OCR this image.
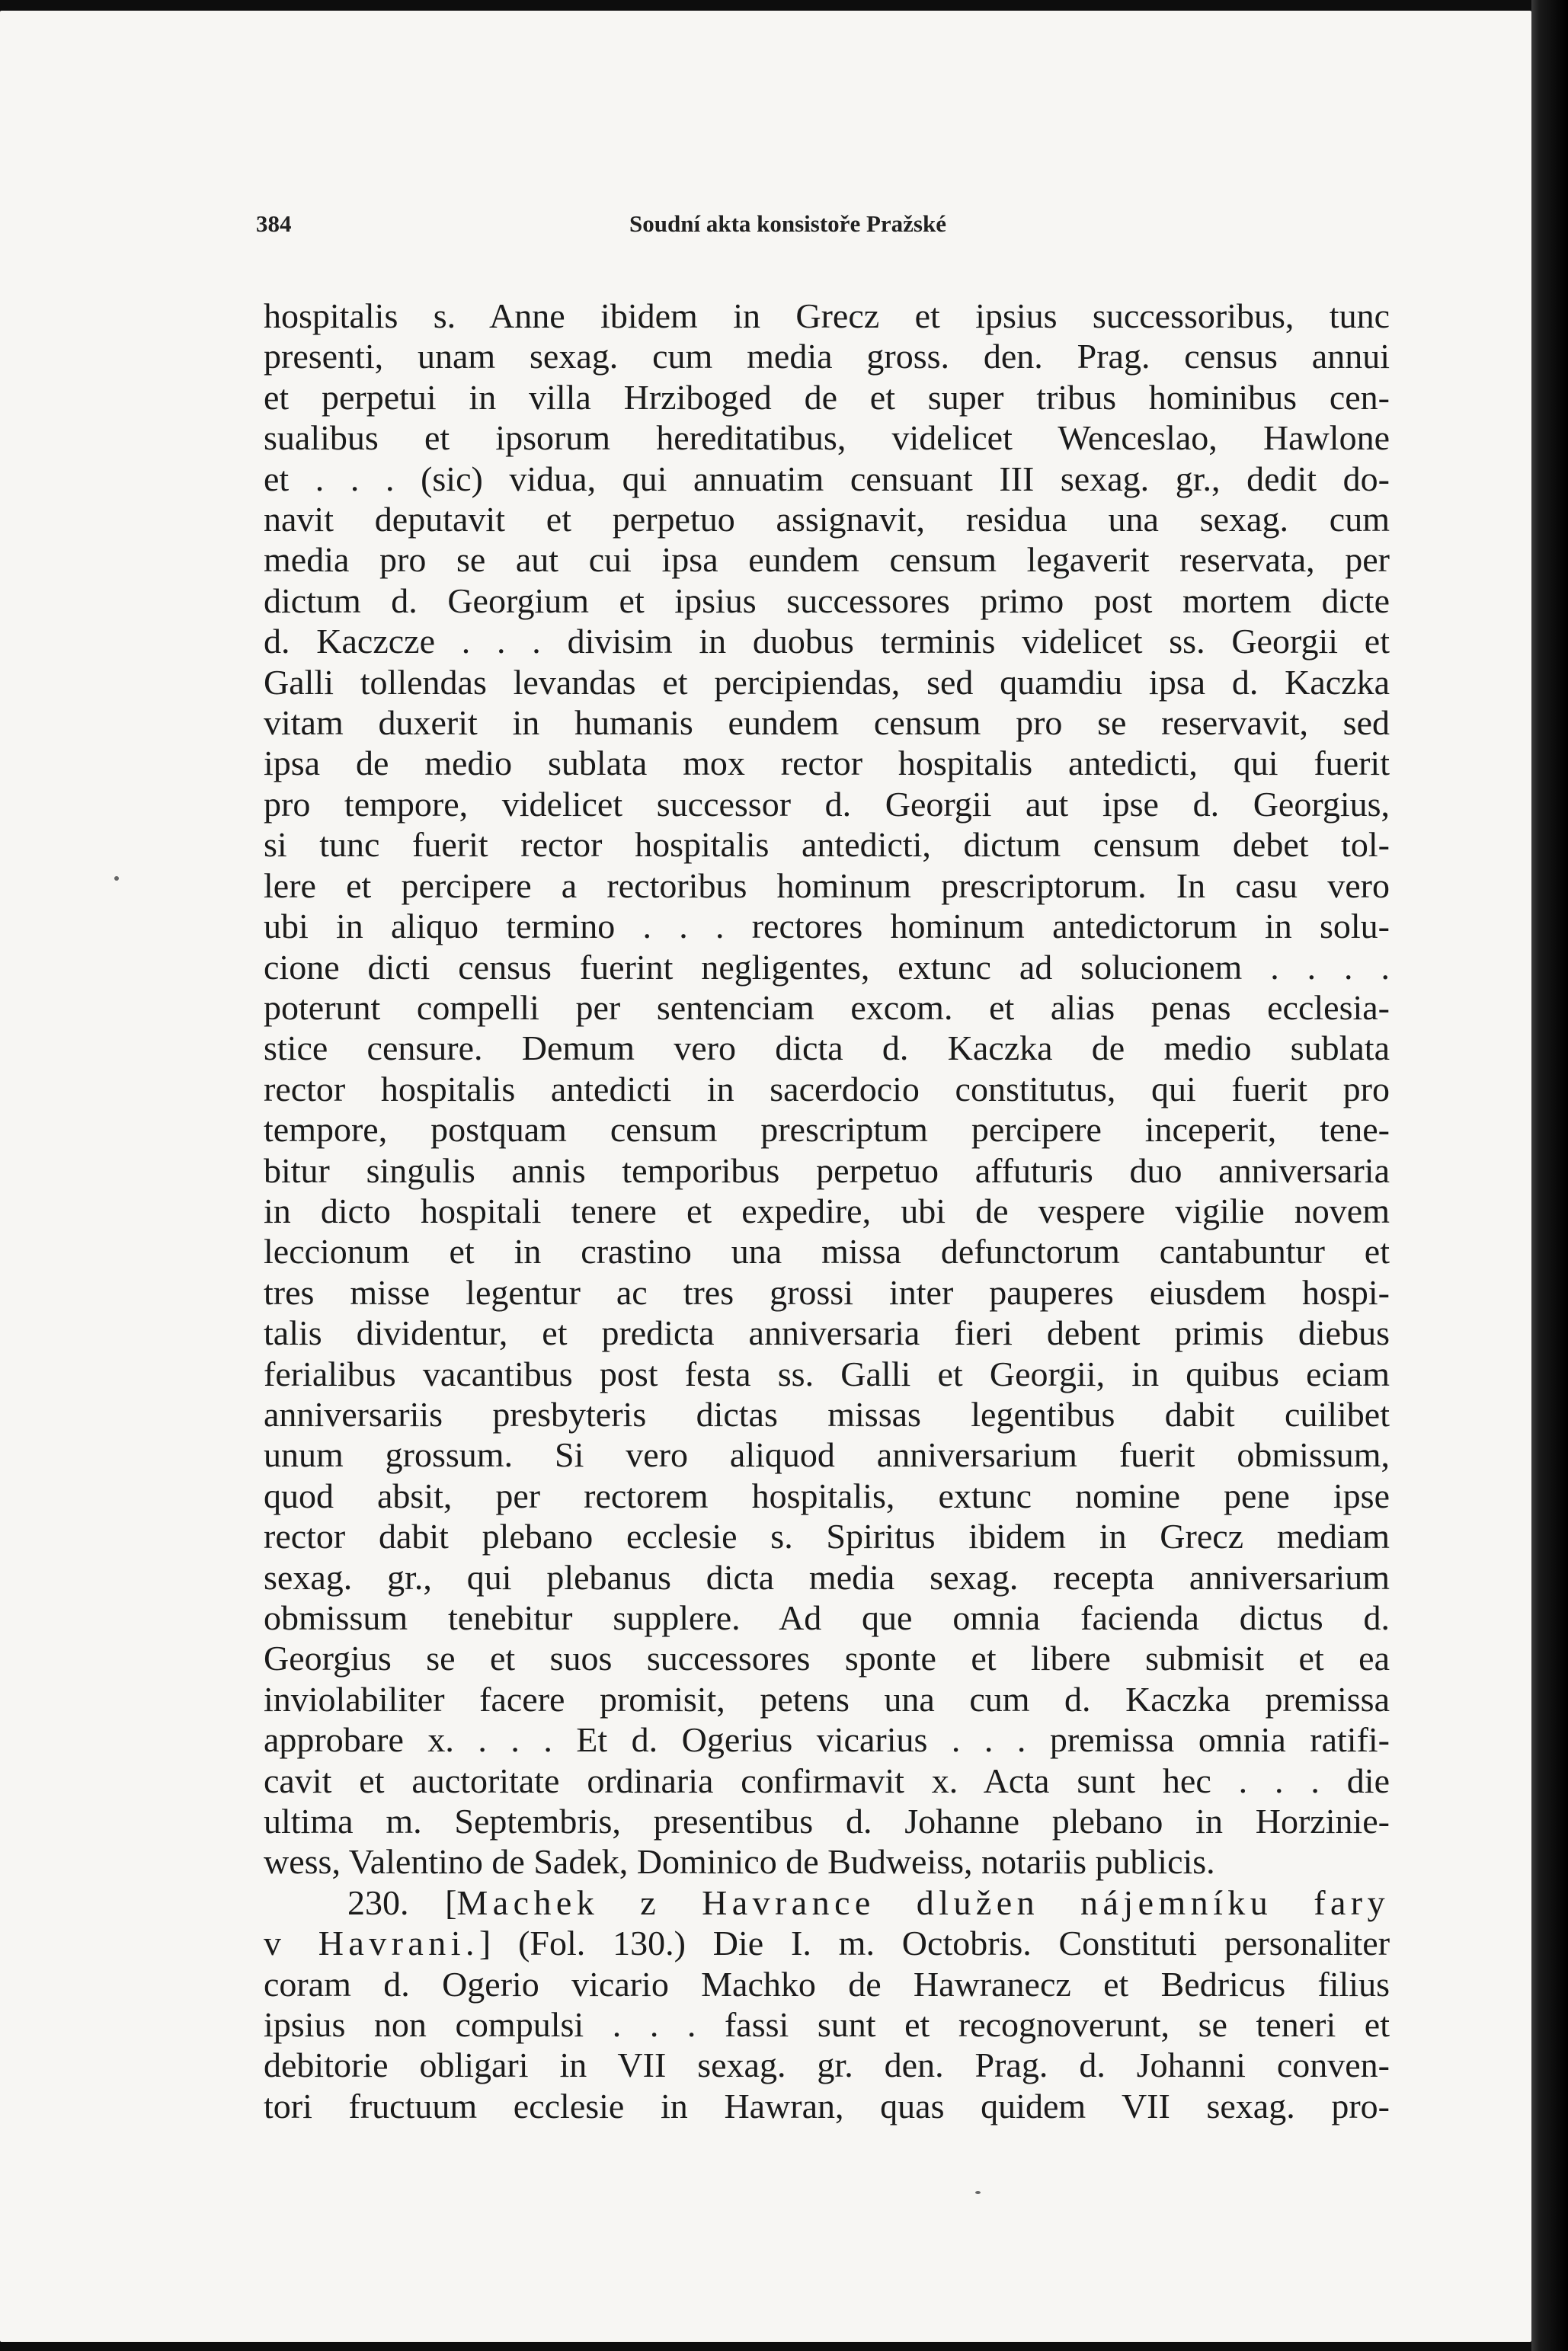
384	Soudní akta konsistoře Pražské
hospitalis s. Anne ibidem in Grecz et ipsius successoribus, tunc
presenti, unam sexag. cum media gross. den. Prag. census annui
et perpetui in villa Hrziboged de et super tribus hominibus cen-
sualibus et ipsorum hereditatibus, videlicet Wenceslao, Hawlone
et . . . (sic) vidua, qui annuatim censuant III sexag. gr., dedit do-
navit deputavit et perpetuo assignavit, residua una sexag. cum
media pro se aut cui ipsa eundem censum legaverit reservata, per
dictum d. Georgium et ipsius successores primo post mortem dicte
d. Kaczcze . . . divisim in duobus terminis videlicet ss. Georgii et
Galli tollendas levandas et percipiendas, sed quamdiu ipsa d. Kaczka
vitam duxerit in humanis eundem censum pro se reservavit, sed
ipsa de medio sublata mox rector hospitalis antedicti, qui fuerit
pro tempore, videlicet successor d. Georgii aut ipse d. Georgius,
si tunc fuerit rector hospitalis antedicti, dictum censum debet tol-
lere et percipere a rectoribus hominum prescriptorum. In casu vero
ubi in aliquo termino . . . rectores hominum antedictorum in solu-
cione dicti census fuerint negligentes, extunc ad solucionem . . . .
poterunt compelli per sentenciam excom. et alias penas ecclesia-
stice censure. Demum vero dicta d. Kaczka de medio sublata
rector hospitalis antedicti in sacerdocio constitutus, qui fuerit pro
tempore, postquam censum prescriptum percipere inceperit, tene-
bitur singulis annis temporibus perpetuo affuturis duo anniversaria
in dicto hospitali tenere et expedire, ubi de vespere vigilie novem
leccionum et in crastino una missa defunctorum cantabuntur et
tres misse legentur ac tres grossi inter pauperes eiusdem hospi-
talis dividentur, et predicta anniversaria fieri debent primis diebus
ferialibus vacantibus post festa ss. Galli et Georgii, in quibus eciam
anniversariis presbyteris dictas missas legentibus dabit cuilibet
unum grossum. Si vero aliquod anniversarium fuerit obmissum,
quod absit, per rectorem hospitalis, extunc nomine pene ipse
rector dabit plebano ecclesie s. Spiritus ibidem in Grecz mediam
sexag. gr., qui plebanus dicta media sexag. recepta anniversarium
obmissum tenebitur supplere. Ad que omnia facienda dictus d.
Georgius se et suos successores sponte et libere submisit et ea
inviolabiliter facere promisit, petens una cum d. Kaczka premissa
approbare x. . . . Et d. Ogerius vicarius . . . premissa omnia ratifi-
cavit et auctoritate ordinaria confirmavit x. Acta sunt hec . . . die
ultima m. Septembris, presentibus d. Johanne plebano in Horzinie-
wess, Valentino de Sadek, Dominico de Budweiss, notariis publicis.
230. [Machek z Havrance dlužen nájemníku fary
v Havrani.] (Fol. 130.) Die I. m. Octobris. Constituti personaliter
coram d. Ogerio vicario Machko de Hawranecz et Bedricus filius
ipsius non compulsi . . . fassi sunt et recognoverunt, se teneri et
debitorie obligari in VII sexag. gr. den. Prag. d. Johanni conven-
tori fructuum ecclesie in Hawran, quas quidem VII sexag. pro-
